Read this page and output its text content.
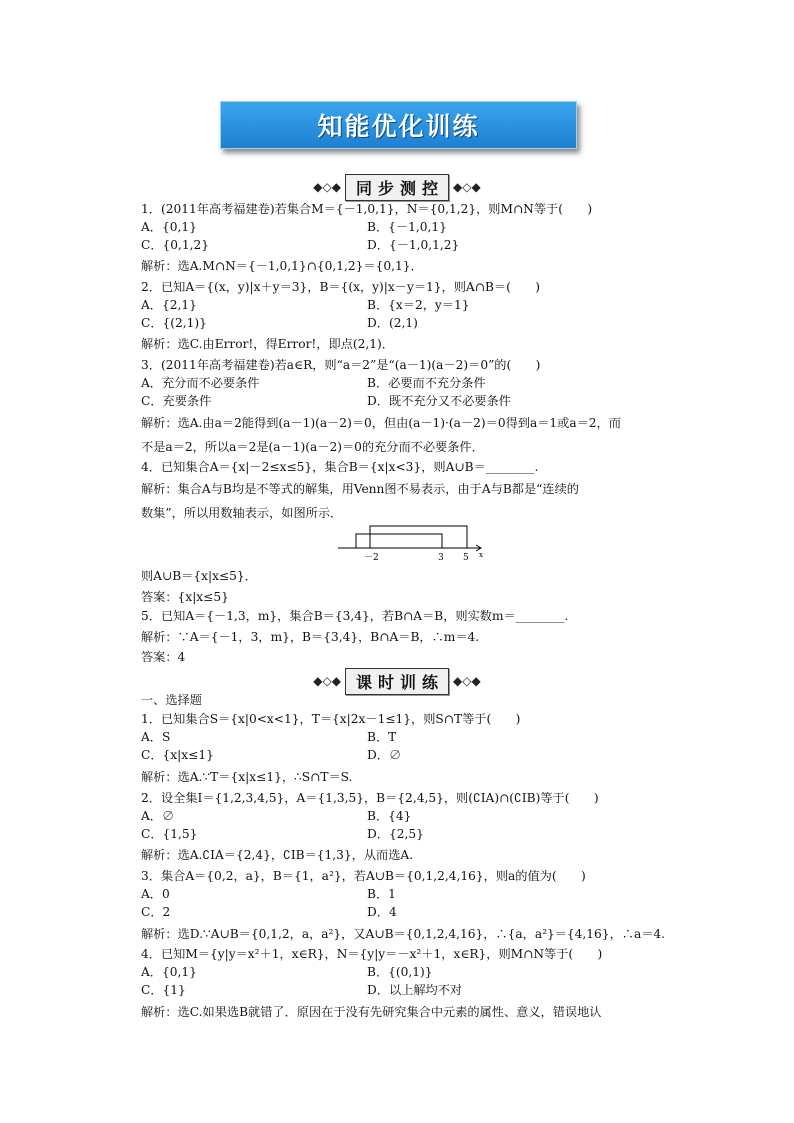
知能优化训练
◆◇◆ 同步测控 ◆◇◆
1．(2011年高考福建卷)若集合M＝{－1,0,1}，N＝{0,1,2}，则M∩N等于(　　)
A．{0,1}	B．{－1,0,1}
C．{0,1,2}	D．{－1,0,1,2}
解析：选A.M∩N＝{－1,0,1}∩{0,1,2}＝{0,1}．
2．已知A＝{(x，y)|x＋y＝3}，B＝{(x，y)|x－y＝1}，则A∩B＝(　　)
A．{2,1}	B．{x＝2，y＝1}
C．{(2,1)}	D．(2,1)
解析：选C.由Error!，得Error!，即点(2,1)．
3．(2011年高考福建卷)若a∈R，则“a＝2”是“(a－1)(a－2)＝0”的(　　)
A．充分而不必要条件	B．必要而不充分条件
C．充要条件	D．既不充分又不必要条件
解析：选A.由a＝2能得到(a－1)(a－2)＝0，但由(a－1)·(a－2)＝0得到a＝1或a＝2，而
不是a＝2，所以a＝2是(a－1)(a－2)＝0的充分而不必要条件．
4．已知集合A＝{x|－2≤x≤5}，集合B＝{x|x<3}，则A∪B＝________.
解析：集合A与B均是不等式的解集，用Venn图不易表示，由于A与B都是“连续的
数集”，所以用数轴表示，如图所示．
则A∪B＝{x|x≤5}．
答案：{x|x≤5}
5．已知A＝{－1,3，m}，集合B＝{3,4}，若B∩A＝B，则实数m＝________.
解析：∵A＝{－1，3，m}，B＝{3,4}，B∩A＝B，∴m＝4.
答案：4
一、选择题
1．已知集合S＝{x|0<x<1}，T＝{x|2x－1≤1}，则S∩T等于(　　)
A．S	B．T
C．{x|x≤1}	D．∅
解析：选A.∵T＝{x|x≤1}，∴S∩T＝S.
2．设全集I＝{1,2,3,4,5}，A＝{1,3,5}，B＝{2,4,5}，则(∁IA)∩(∁IB)等于(　　)
A．∅	B．{4}
C．{1,5}	D．{2,5}
解析：选A.∁IA＝{2,4}，∁IB＝{1,3}，从而选A.
3．集合A＝{0,2，a}，B＝{1，a²}，若A∪B＝{0,1,2,4,16}，则a的值为(　　)
A．0	B．1
C．2	D．4
解析：选D.∵A∪B＝{0,1,2，a，a²}，又A∪B＝{0,1,2,4,16}，∴{a，a²}＝{4,16}，∴a＝4.
4．已知M＝{y|y＝x²＋1，x∈R}，N＝{y|y＝－x²＋1，x∈R}，则M∩N等于(　　)
A．{0,1}	B．{(0,1)}
C．{1}	D．以上解均不对
解析：选C.如果选B就错了．原因在于没有先研究集合中元素的属性、意义，错误地认
－2	3 5 x
◆◇◆ 课时训练 ◆◇◆
